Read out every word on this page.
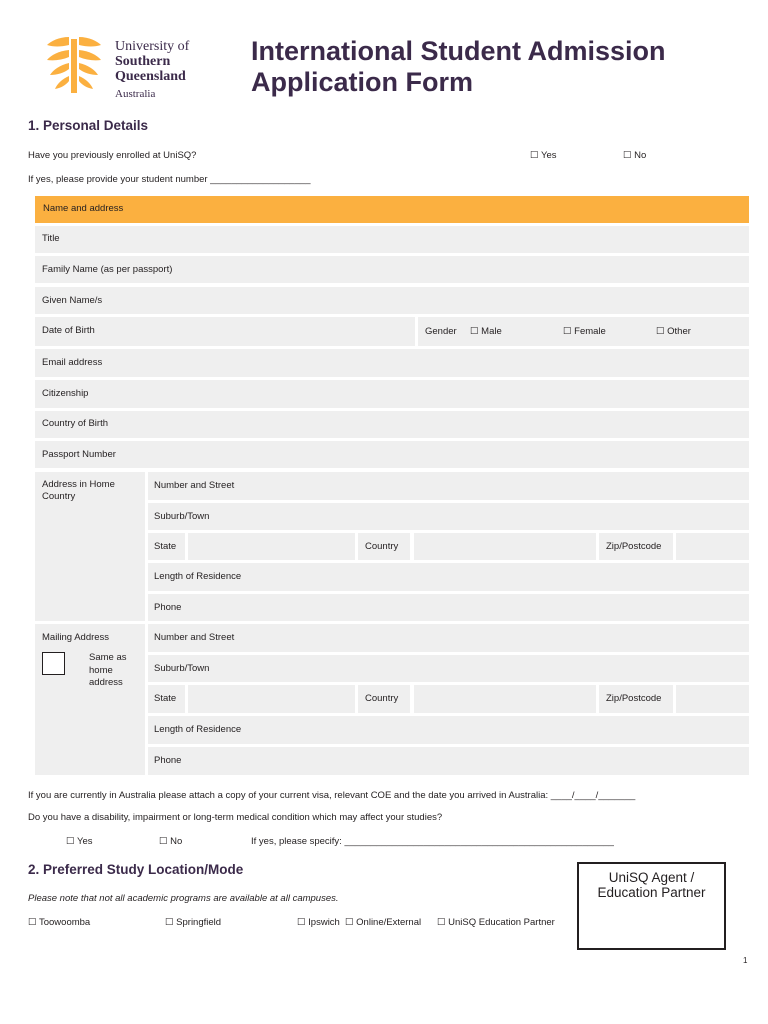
University of
Southern
Queensland
Australia
International Student Admission
Application Form
1. Personal Details
Have you previously enrolled at UniSQ?	☐ Yes	☐ No
If yes, please provide your student number ___________________
Name and address
Title
Family Name (as per passport)
Given Name/s
Date of Birth	Gender ☐ Male	☐ Female	☐ Other
Email address
Citizenship
Country of Birth
Passport Number
Address in Home Country
Number and Street
Suburb/Town
State	Country	Zip/Postcode
Length of Residence
Phone
Mailing Address
Same as home address
Number and Street
Suburb/Town
State	Country	Zip/Postcode
Length of Residence
Phone
If you are currently in Australia please attach a copy of your current visa, relevant COE and the date you arrived in Australia: ____/____/_______
Do you have a disability, impairment or long-term medical condition which may affect your studies?
☐ Yes	☐ No	If yes, please specify: ___________________________________________________
2. Preferred Study Location/Mode
Please note that not all academic programs are available at all campuses.
☐ Toowoomba	☐ Springfield	☐ Ipswich ☐ Online/External ☐ UniSQ Education Partner
UniSQ Agent /
Education Partner
1
